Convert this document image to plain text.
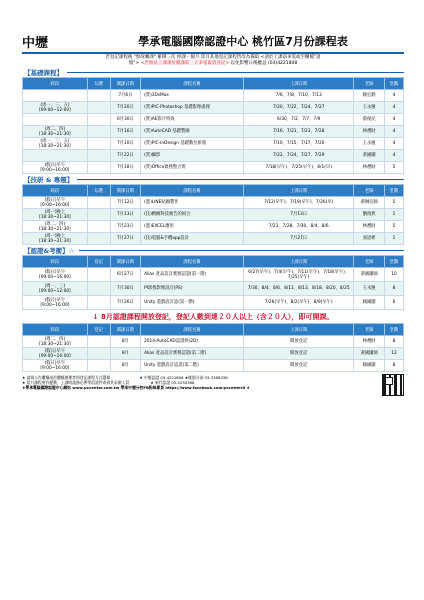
中壢	學承電腦國際認證中心 桃竹區7月份課程表
若登記課程後 "無故曠課" 累積三次 停課一個月 當月其他登記課程皆改為備取 <請於上課前來電或至櫃檯"請
假"> <若無法上課請於開課前三天來電取消登記> 以免影響日後權益 (03)4221808
【基礎課程】
時段	勾選	開課日期	課程名稱	上課日期	老師	堂數
		7月6日	(質)3DsMax	7/6、7/8、7/10、7/13	賴宏勳	4
(周一、三、五)
[09:00~12:00]		7月20日	(質)PIC-Photoshop 基礎影像處理	7/20、7/22、7/24、7/27	王永慶	4
		6月30日	(質)AE影片特效	6/30、7/2、7/7、7/9	蔡俊民	4
(周二、四)
[18:30~21:30]		7月16日	(質)AutoCAD 基礎製圖	7/16、7/21、7/23、7/28	林禮財	4
(周一、三、五)
[18:30~21:30]		7月10日	(質)PIC-InDesign 基礎數位排版	7/10、7/15、7/17、7/20	王永慶	4
		7月22日	(質)攝影	7/22、7/24、7/27、7/29	黃國團	4
(假日)早午
[9:00~16:00]		7月18日	(質)Office實務整合班	7/18(早午)、7/25(早午)、8/1(早)	林禮財	5
【技研 & 專題】
時段	勾選	開課日期	課程名稱	上課日期	老師	堂數
(假日)早午
[9:00~16:00]		7月12日	(進)LINE貼圖製作	7/12(早午)、7/19(早午)、7/26(早)	黃琳宣師	5
(周一)晚上
[18:30~21:30]		7月13日	(技)精緻科技廣告的組合	7月13日	劉俊典	1
(周二、四)
[18:30~21:30]		7月23日	(進)EXCEL應用	7/23、7/28、7/30、8/4、8/6	林禮財	5
(周一)晚上
[18:30~21:30]		7月27日	(技)電腦&手機app設計	7月27日	張恩彬	1
【認證&考衝】☆
時段	登記	開課日期	課程名稱	上課日期	老師	堂數
(假日)早午
[09:00~16:00]		6月27日	Alias 產品設計實務認證(第一階)	6/27(早午)、7/4(早午)、7/11(早午)、7/18(早午)、7/25(早午)	黃國團師	10
(周一、三)
[09:00~12:00]		7月30日	PI影像影像設計(PS)	7/30、8/4、8/6、8/11、8/13、8/18、8/20、8/25	王永慶	8
(假日)早午
[9:00~16:00]		7月26日	Unity 遊戲設計認(第一階)	7/26(早午)、8/2(早午)、8/9(早午)	賴國團	6
↓ 8月認證課程開放登記，登記人數到達２０人以上（含２０人），即可開課。
時段	登記	開課日期	課程名稱	上課日期	老師	堂數
(周二、四)
[18:30~21:30]		8月	2014-AutoCAD認證班(2D)	開放登記	林禮財	8
(假日)早午
[09:00~16:00]		8月	Alias 產品設計實務認證(第二階)	開放登記	黃國團師	12
(假日)早午
[9:00~16:00]		8月	Unity 遊戲設計認證(第二階)	開放登記	賴國團	8
★ 請與公告櫃檯或於櫃檯辦理者即登記課程方式選擇	★ 中壢認證 03-4221808 ★桃園分部 03-3368338
★ 當月課程會有變動，上課時請務必帶學員證件寄到其承辦人員	★ 新竹認證 03-5250368
★學承電腦國際認證中心網站 www.pccenter.com.tw 學承中壢分校FB粉絲專頁 https://www.facebook.com/pccenterli ★
